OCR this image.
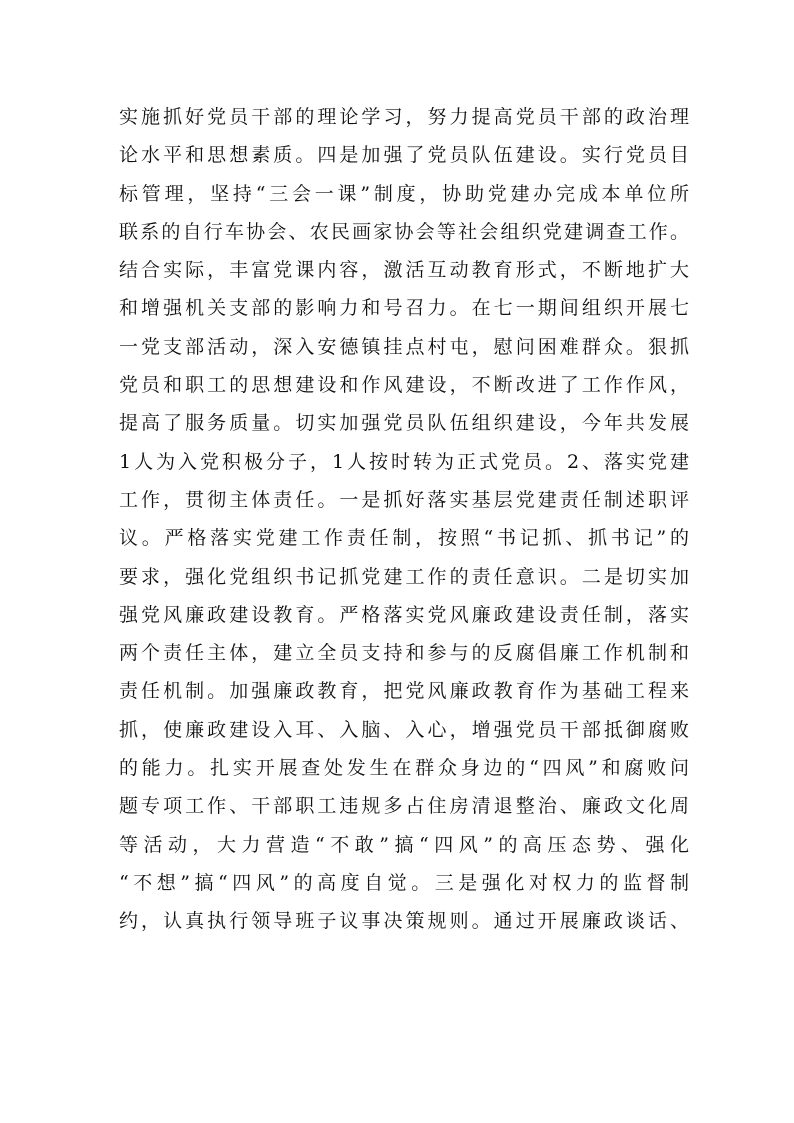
实施抓好党员干部的理论学习，努力提高党员干部的政治理
论水平和思想素质。四是加强了党员队伍建设。实行党员目
标管理，坚持“三会一课”制度，协助党建办完成本单位所
联系的自行车协会、农民画家协会等社会组织党建调查工作。
结合实际，丰富党课内容，激活互动教育形式，不断地扩大
和增强机关支部的影响力和号召力。在七一期间组织开展七
一党支部活动，深入安德镇挂点村屯，慰问困难群众。狠抓
党员和职工的思想建设和作风建设，不断改进了工作作风，
提高了服务质量。切实加强党员队伍组织建设，今年共发展
1人为入党积极分子，1人按时转为正式党员。2、落实党建
工作，贯彻主体责任。一是抓好落实基层党建责任制述职评
议。严格落实党建工作责任制，按照“书记抓、抓书记”的
要求，强化党组织书记抓党建工作的责任意识。二是切实加
强党风廉政建设教育。严格落实党风廉政建设责任制，落实
两个责任主体，建立全员支持和参与的反腐倡廉工作机制和
责任机制。加强廉政教育，把党风廉政教育作为基础工程来
抓，使廉政建设入耳、入脑、入心，增强党员干部抵御腐败
的能力。扎实开展查处发生在群众身边的“四风”和腐败问
题专项工作、干部职工违规多占住房清退整治、廉政文化周
等活动，大力营造“不敢”搞“四风”的高压态势、强化
“不想”搞“四风”的高度自觉。三是强化对权力的监督制
约，认真执行领导班子议事决策规则。通过开展廉政谈话、
